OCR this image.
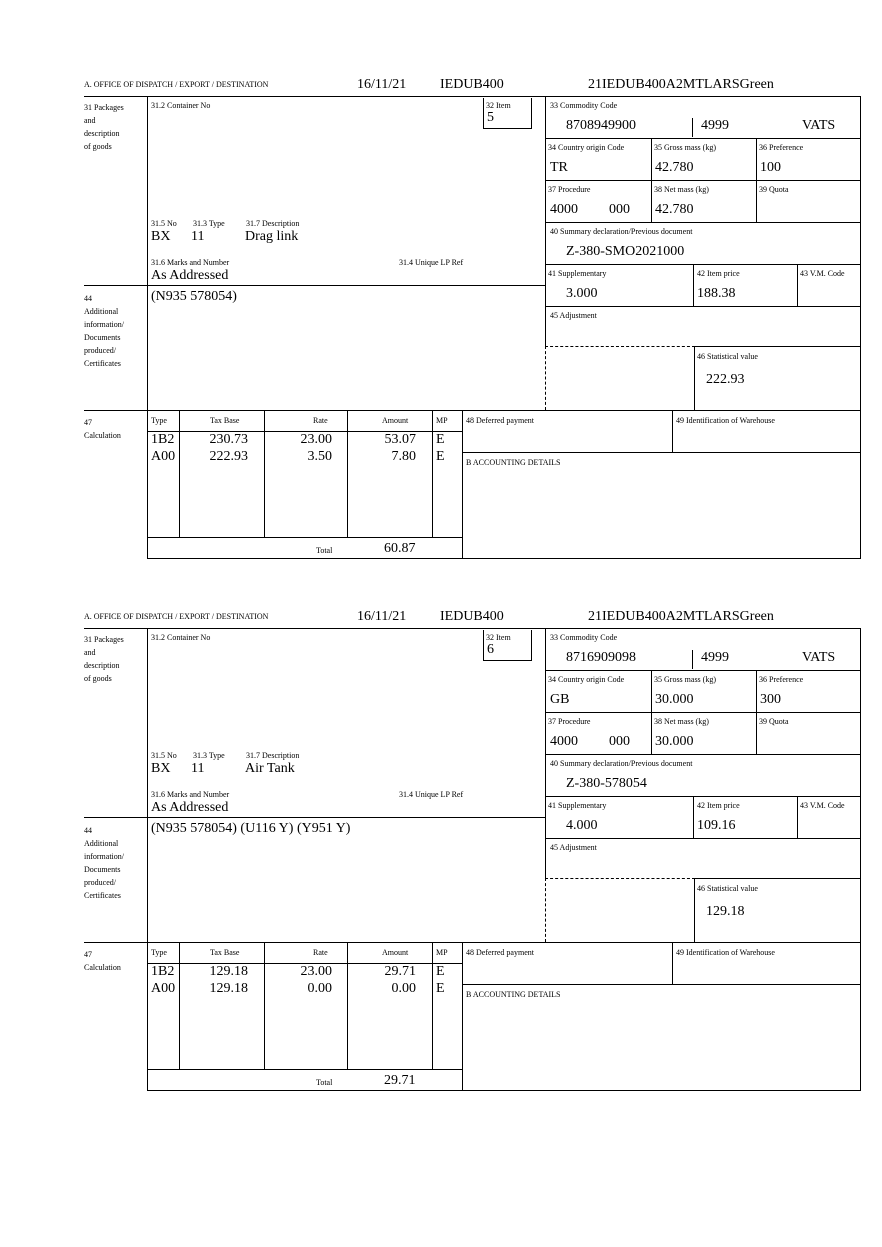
A. OFFICE OF DISPATCH / EXPORT / DESTINATION	16/11/21 IEDUB400	21IEDUB400A2MTLARSGreen
31 Packages
and
description
of goods
31.2 Container No	32 Item
5
33 Commodity Code
8708949900	4999	VATS
34 Country origin Code
TR
35 Gross mass (kg)
42.780
36 Preference
100
37 Procedure
4000 000
38 Net mass (kg)
42.780
39 Quota
40 Summary declaration/Previous document
Z-380-SMO2021000
41 Supplementary
3.000
42 Item price
188.38
43 V.M. Code
45 Adjustment
46 Statistical value
222.93
31.5 No 31.3 Type	31.7 Description
BX 11	Drag link
31.6 Marks and Number
As Addressed
31.4 Unique LP Ref
44
Additional
information/
Documents
produced/
Certificates
(N935 578054)
47
Calculation
Type	Tax Base	Rate	Amount	MP
1B2	230.73	23.00	53.07 E
A00	222.93	3.50	7.80 E
Total	60.87
48 Deferred payment	49 Identification of Warehouse
B ACCOUNTING DETAILS
A. OFFICE OF DISPATCH / EXPORT / DESTINATION	16/11/21 IEDUB400	21IEDUB400A2MTLARSGreen
31 Packages
and
description
of goods
31.2 Container No	32 Item
6
33 Commodity Code
8716909098	4999	VATS
34 Country origin Code
GB
35 Gross mass (kg)
30.000
36 Preference
300
37 Procedure
4000 000
38 Net mass (kg)
30.000
39 Quota
40 Summary declaration/Previous document
Z-380-578054
41 Supplementary
4.000
42 Item price
109.16
43 V.M. Code
45 Adjustment
46 Statistical value
129.18
31.5 No 31.3 Type	31.7 Description
BX 11	Air Tank
31.6 Marks and Number
As Addressed
31.4 Unique LP Ref
44
Additional
information/
Documents
produced/
Certificates
(N935 578054) (U116 Y) (Y951 Y)
47
Calculation
Type	Tax Base	Rate	Amount	MP
1B2	129.18	23.00	29.71 E
A00	129.18	0.00	0.00 E
Total	29.71
48 Deferred payment	49 Identification of Warehouse
B ACCOUNTING DETAILS
